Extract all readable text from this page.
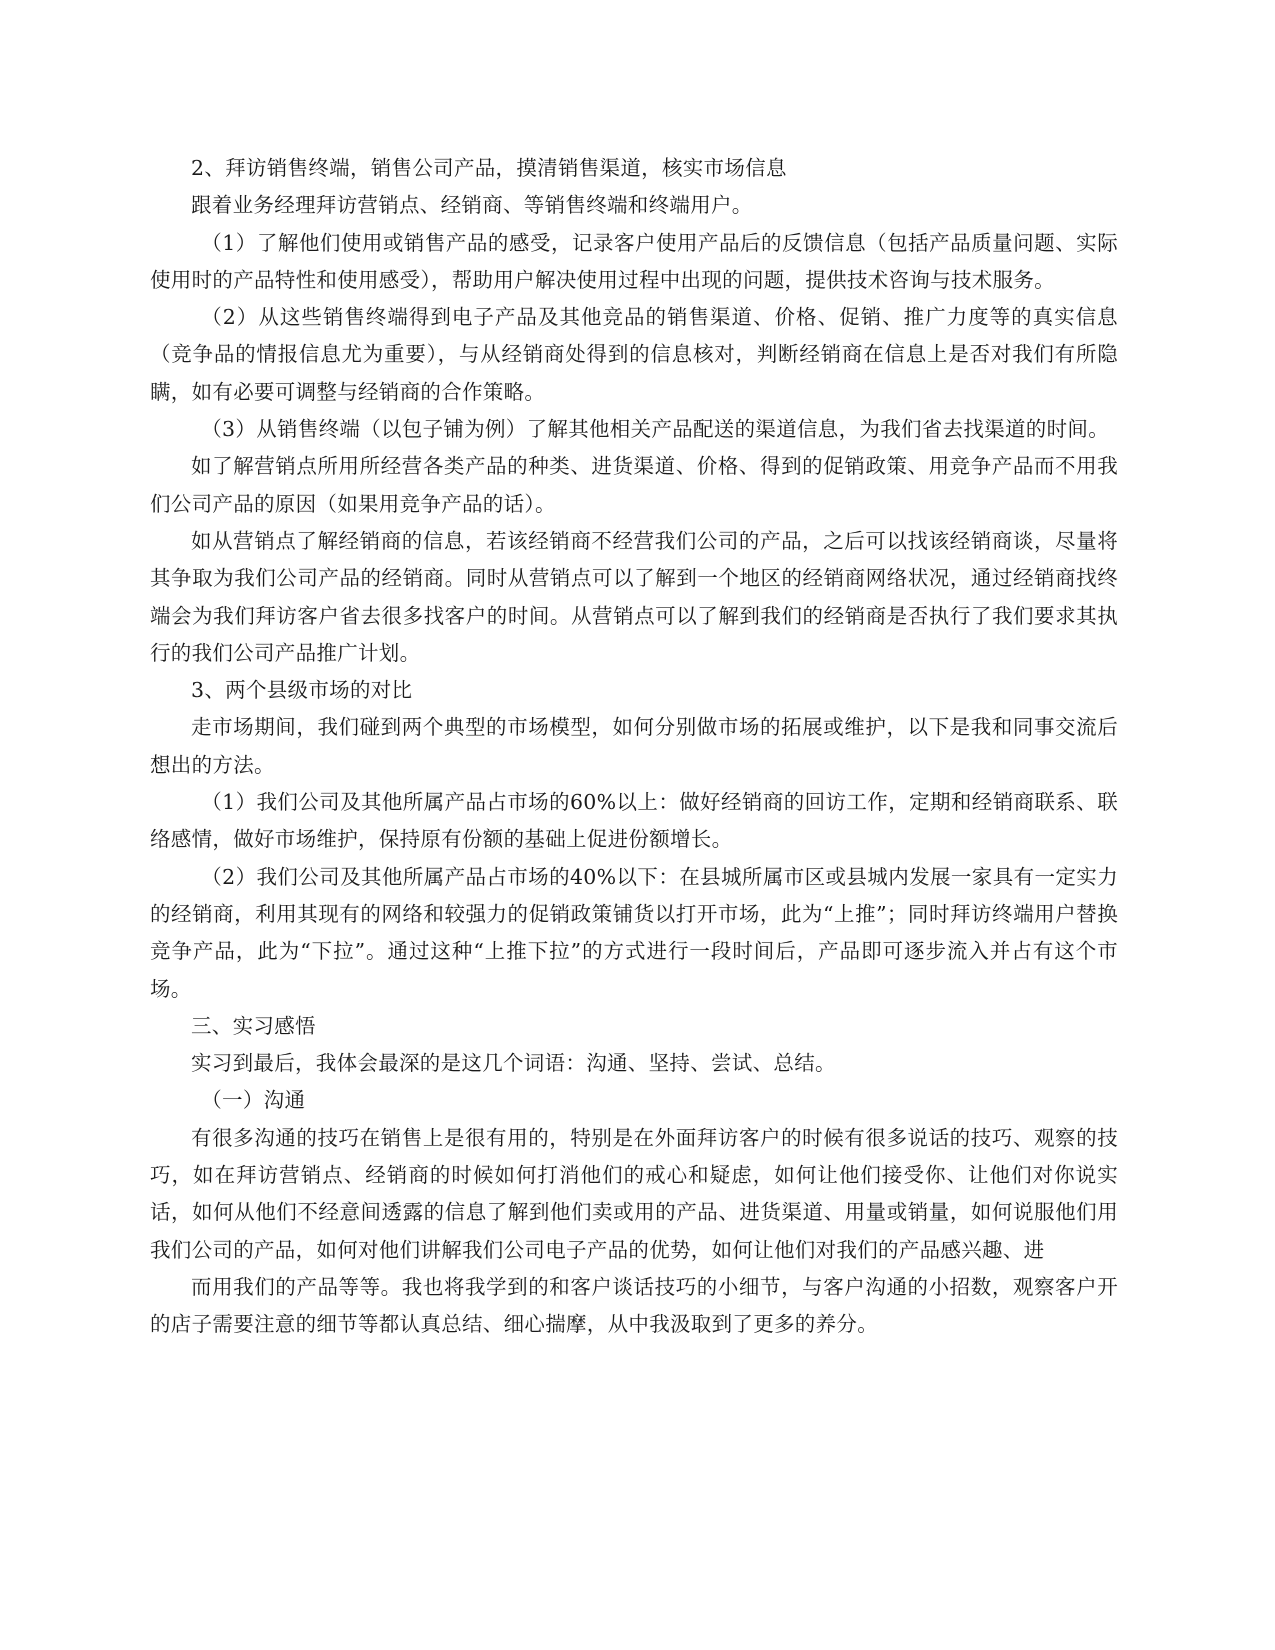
2、拜访销售终端，销售公司产品，摸清销售渠道，核实市场信息

跟着业务经理拜访营销点、经销商、等销售终端和终端用户。

（1）了解他们使用或销售产品的感受，记录客户使用产品后的反馈信息（包括产品质量问题、实际使用时的产品特性和使用感受），帮助用户解决使用过程中出现的问题，提供技术咨询与技术服务。

（2）从这些销售终端得到电子产品及其他竞品的销售渠道、价格、促销、推广力度等的真实信息（竞争品的情报信息尤为重要），与从经销商处得到的信息核对，判断经销商在信息上是否对我们有所隐瞒，如有必要可调整与经销商的合作策略。

（3）从销售终端（以包子铺为例）了解其他相关产品配送的渠道信息，为我们省去找渠道的时间。

如了解营销点所用所经营各类产品的种类、进货渠道、价格、得到的促销政策、用竞争产品而不用我们公司产品的原因（如果用竞争产品的话）。

如从营销点了解经销商的信息，若该经销商不经营我们公司的产品，之后可以找该经销商谈，尽量将其争取为我们公司产品的经销商。同时从营销点可以了解到一个地区的经销商网络状况，通过经销商找终端会为我们拜访客户省去很多找客户的时间。从营销点可以了解到我们的经销商是否执行了我们要求其执行的我们公司产品推广计划。

3、两个县级市场的对比

走市场期间，我们碰到两个典型的市场模型，如何分别做市场的拓展或维护，以下是我和同事交流后想出的方法。

（1）我们公司及其他所属产品占市场的60%以上：做好经销商的回访工作，定期和经销商联系、联络感情，做好市场维护，保持原有份额的基础上促进份额增长。

（2）我们公司及其他所属产品占市场的40%以下：在县城所属市区或县城内发展一家具有一定实力的经销商，利用其现有的网络和较强力的促销政策铺货以打开市场，此为“上推”；同时拜访终端用户替换竞争产品，此为“下拉”。通过这种“上推下拉”的方式进行一段时间后，产品即可逐步流入并占有这个市场。

三、实习感悟

实习到最后，我体会最深的是这几个词语：沟通、坚持、尝试、总结。

（一）沟通

有很多沟通的技巧在销售上是很有用的，特别是在外面拜访客户的时候有很多说话的技巧、观察的技巧，如在拜访营销点、经销商的时候如何打消他们的戒心和疑虑，如何让他们接受你、让他们对你说实话，如何从他们不经意间透露的信息了解到他们卖或用的产品、进货渠道、用量或销量，如何说服他们用我们公司的产品，如何对他们讲解我们公司电子产品的优势，如何让他们对我们的产品感兴趣、进

而用我们的产品等等。我也将我学到的和客户谈话技巧的小细节，与客户沟通的小招数，观察客户开的店子需要注意的细节等都认真总结、细心揣摩，从中我汲取到了更多的养分。
